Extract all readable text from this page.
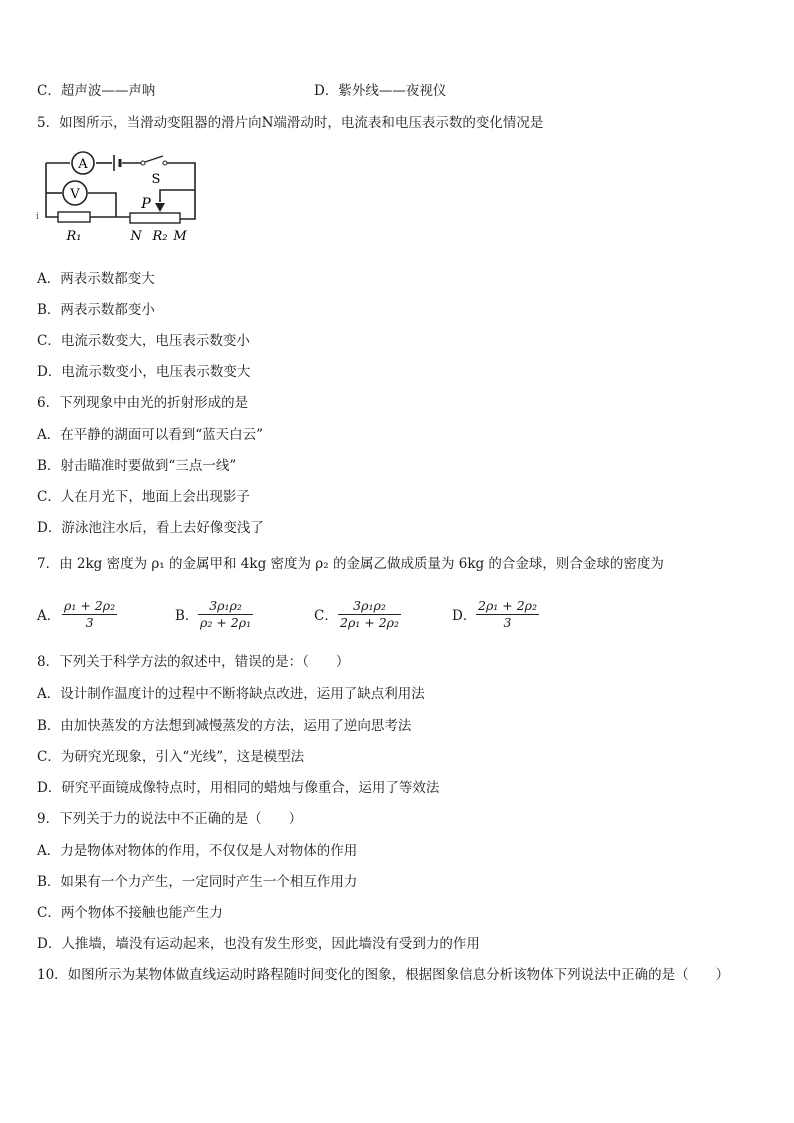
C．超声波——声呐	D．紫外线——夜视仪
5．如图所示，当滑动变阻器的滑片向N端滑动时，电流表和电压表示数的变化情况是
A
S
V
R₁
P
N R₂ M
i
A．两表示数都变大
B．两表示数都变小
C．电流示数变大，电压表示数变小
D．电流示数变小，电压表示数变大
6．下列现象中由光的折射形成的是
A．在平静的湖面可以看到“蓝天白云”
B．射击瞄准时要做到“三点一线”
C．人在月光下，地面上会出现影子
D．游泳池注水后，看上去好像变浅了
7．由 2kg 密度为 ρ₁ 的金属甲和 4kg 密度为 ρ₂ 的金属乙做成质量为 6kg 的合金球，则合金球的密度为
A． $\frac{\text{ρ₁ + 2ρ₂}}{3}$	B． $\frac{\text{3ρ₁ρ₂}}{\text{ρ₂ + 2ρ₁}}$	C． $\frac{\text{3ρ₁ρ₂}}{\text{2ρ₁ + 2ρ₂}}$	D． $\frac{\text{2ρ₁ + 2ρ₂}}{3}$
8．下列关于科学方法的叙述中，错误的是：（　　）
A．设计制作温度计的过程中不断将缺点改进，运用了缺点利用法
B．由加快蒸发的方法想到减慢蒸发的方法，运用了逆向思考法
C．为研究光现象，引入“光线”，这是模型法
D．研究平面镜成像特点时，用相同的蜡烛与像重合，运用了等效法
9．下列关于力的说法中不正确的是（　　）
A．力是物体对物体的作用，不仅仅是人对物体的作用
B．如果有一个力产生，一定同时产生一个相互作用力
C．两个物体不接触也能产生力
D．人推墙，墙没有运动起来，也没有发生形变，因此墙没有受到力的作用
10．如图所示为某物体做直线运动时路程随时间变化的图象，根据图象信息分析该物体下列说法中正确的是（　　）
